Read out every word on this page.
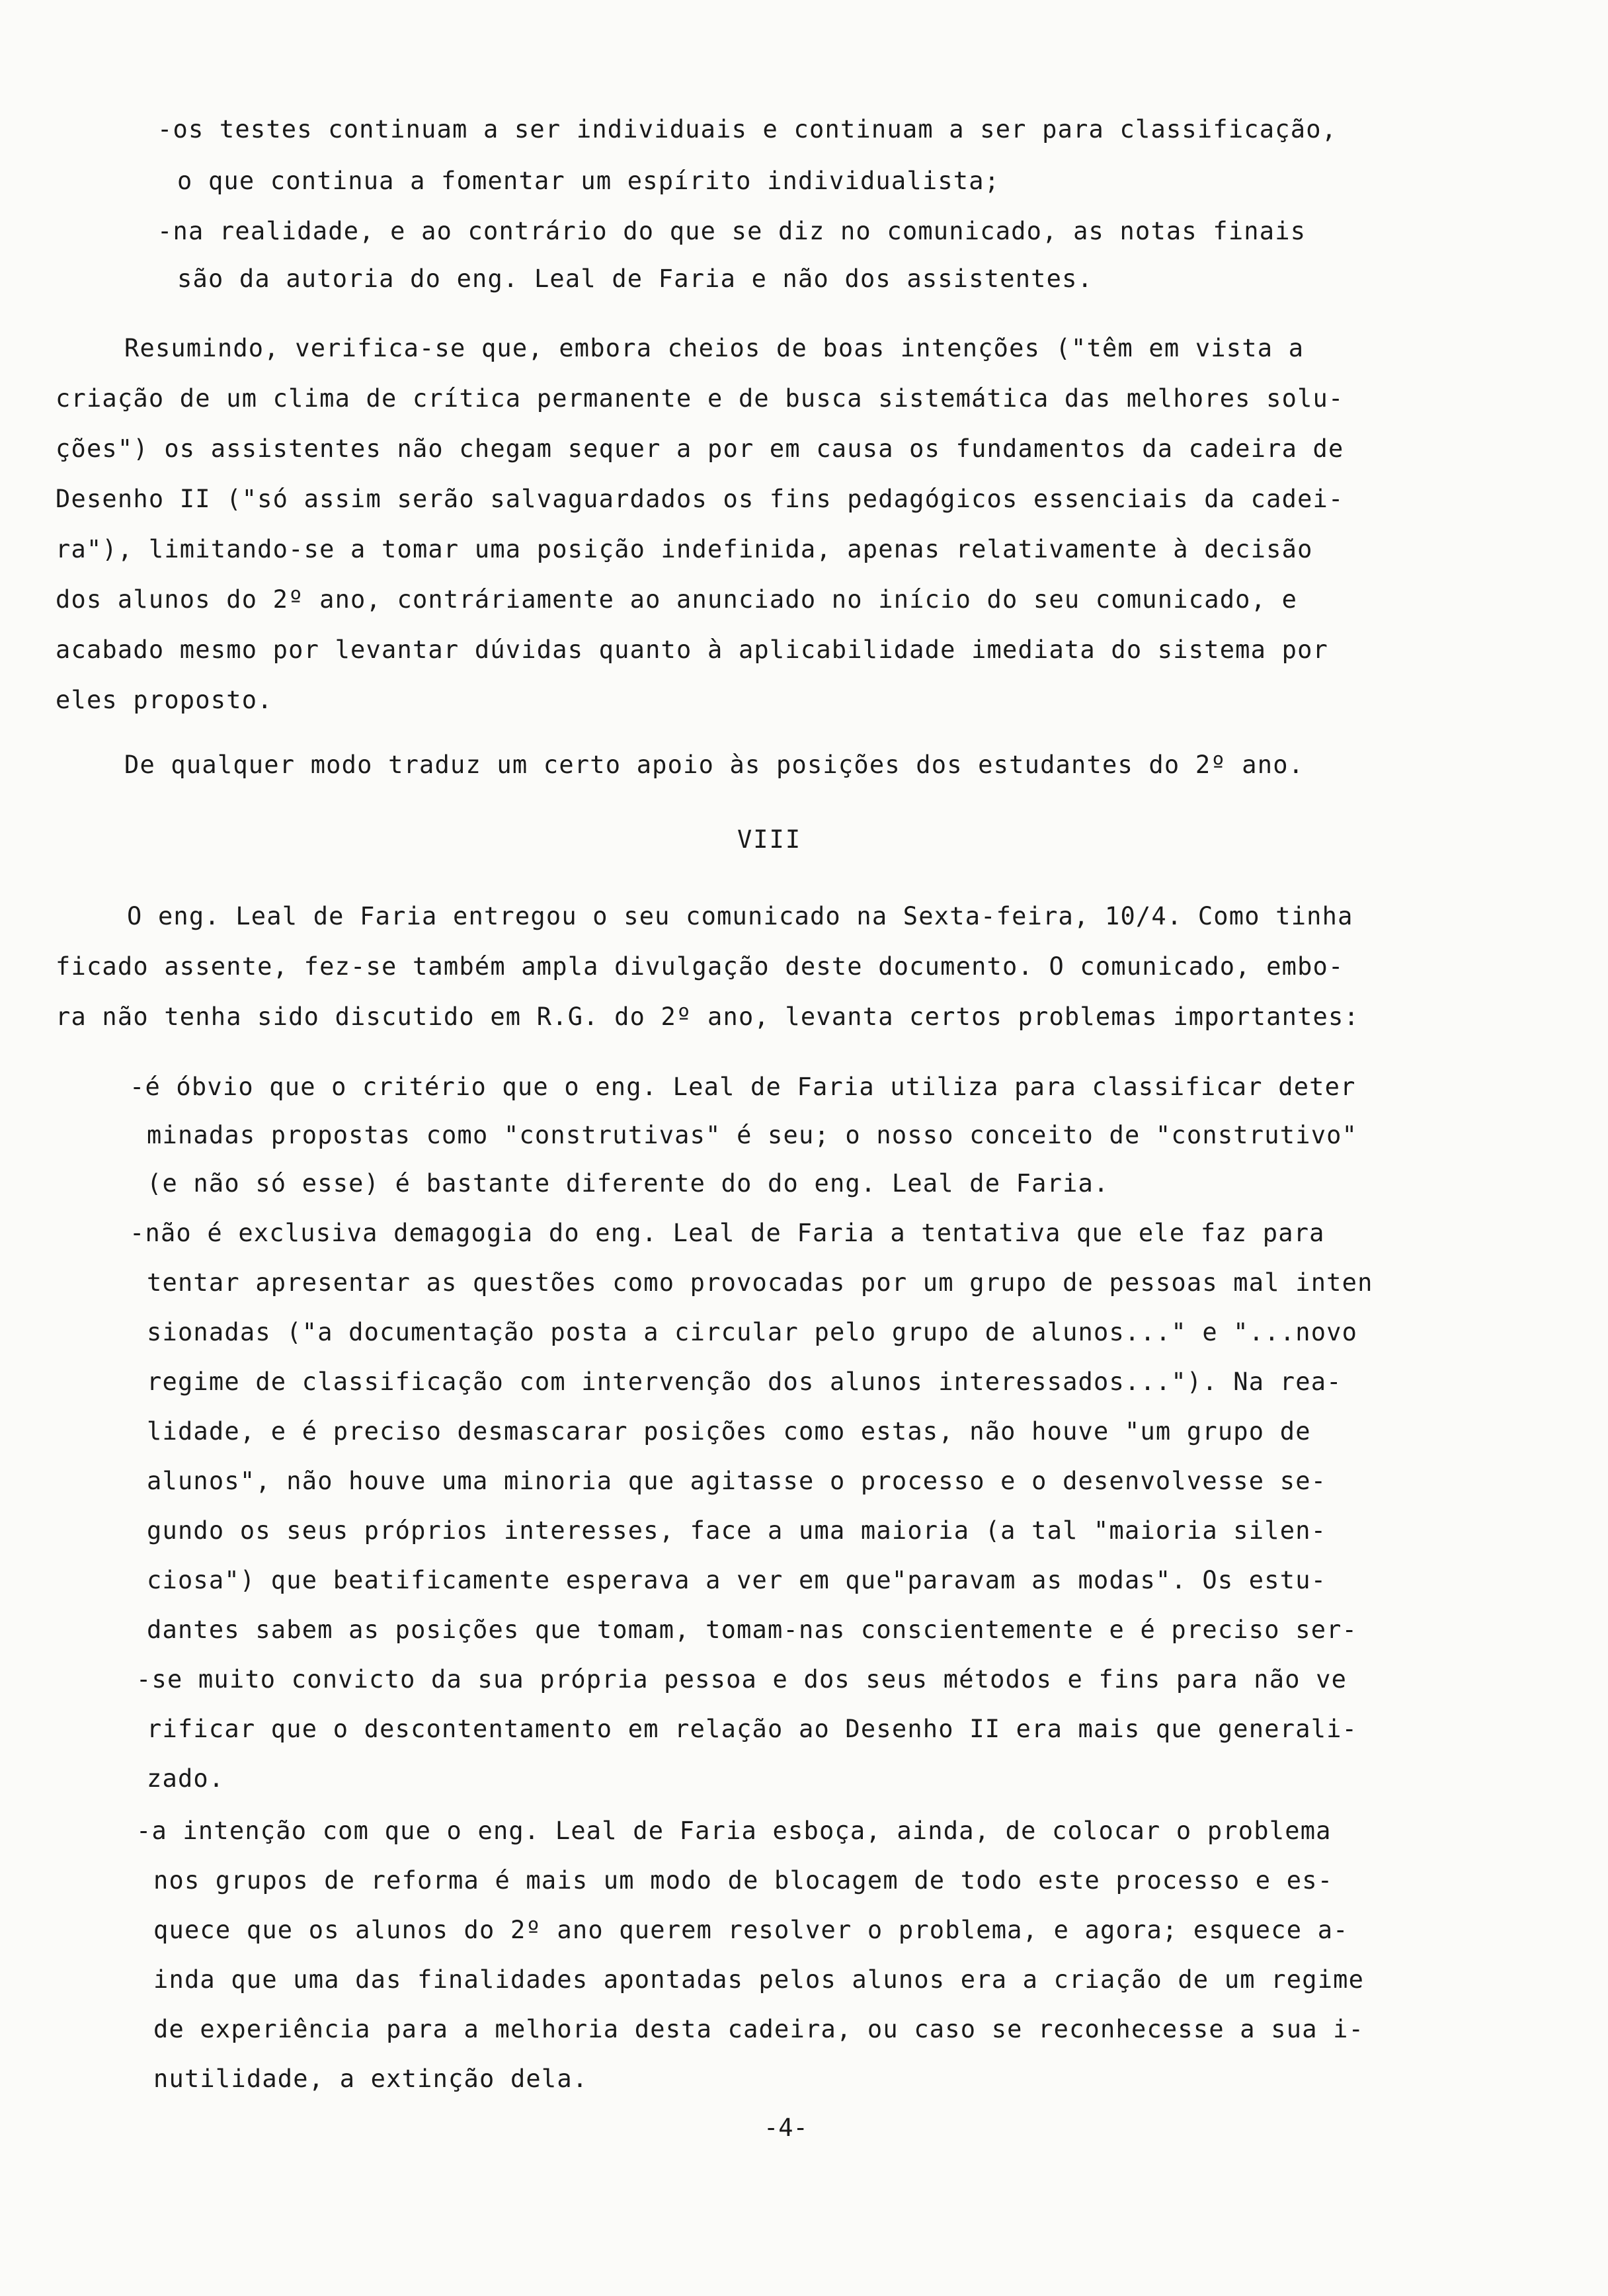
-os testes continuam a ser individuais e continuam a ser para classificação,
o que continua a fomentar um espírito individualista;
-na realidade, e ao contrário do que se diz no comunicado, as notas finais
são da autoria do eng. Leal de Faria e não dos assistentes.
Resumindo, verifica-se que, embora cheios de boas intenções ("têm em vista a
criação de um clima de crítica permanente e de busca sistemática das melhores solu-
ções") os assistentes não chegam sequer a por em causa os fundamentos da cadeira de
Desenho II ("só assim serão salvaguardados os fins pedagógicos essenciais da cadei-
ra"), limitando-se a tomar uma posição indefinida, apenas relativamente à decisão
dos alunos do 2º ano, contráriamente ao anunciado no início do seu comunicado, e
acabado mesmo por levantar dúvidas quanto à aplicabilidade imediata do sistema por
eles proposto.
De qualquer modo traduz um certo apoio às posições dos estudantes do 2º ano.
VIII
O eng. Leal de Faria entregou o seu comunicado na Sexta-feira, 10/4. Como tinha
ficado assente, fez-se também ampla divulgação deste documento. O comunicado, embo-
ra não tenha sido discutido em R.G. do 2º ano, levanta certos problemas importantes:
-é óbvio que o critério que o eng. Leal de Faria utiliza para classificar deter
minadas propostas como "construtivas" é seu; o nosso conceito de "construtivo"
(e não só esse) é bastante diferente do do eng. Leal de Faria.
-não é exclusiva demagogia do eng. Leal de Faria a tentativa que ele faz para
tentar apresentar as questões como provocadas por um grupo de pessoas mal inten
sionadas ("a documentação posta a circular pelo grupo de alunos..." e "...novo
regime de classificação com intervenção dos alunos interessados..."). Na rea-
lidade, e é preciso desmascarar posições como estas, não houve "um grupo de
alunos", não houve uma minoria que agitasse o processo e o desenvolvesse se-
gundo os seus próprios interesses, face a uma maioria (a tal "maioria silen-
ciosa") que beatificamente esperava a ver em que"paravam as modas". Os estu-
dantes sabem as posições que tomam, tomam-nas conscientemente e é preciso ser-
-se muito convicto da sua própria pessoa e dos seus métodos e fins para não ve
rificar que o descontentamento em relação ao Desenho II era mais que generali-
zado.
-a intenção com que o eng. Leal de Faria esboça, ainda, de colocar o problema
nos grupos de reforma é mais um modo de blocagem de todo este processo e es-
quece que os alunos do 2º ano querem resolver o problema, e agora; esquece a-
inda que uma das finalidades apontadas pelos alunos era a criação de um regime
de experiência para a melhoria desta cadeira, ou caso se reconhecesse a sua i-
nutilidade, a extinção dela.
-4-
